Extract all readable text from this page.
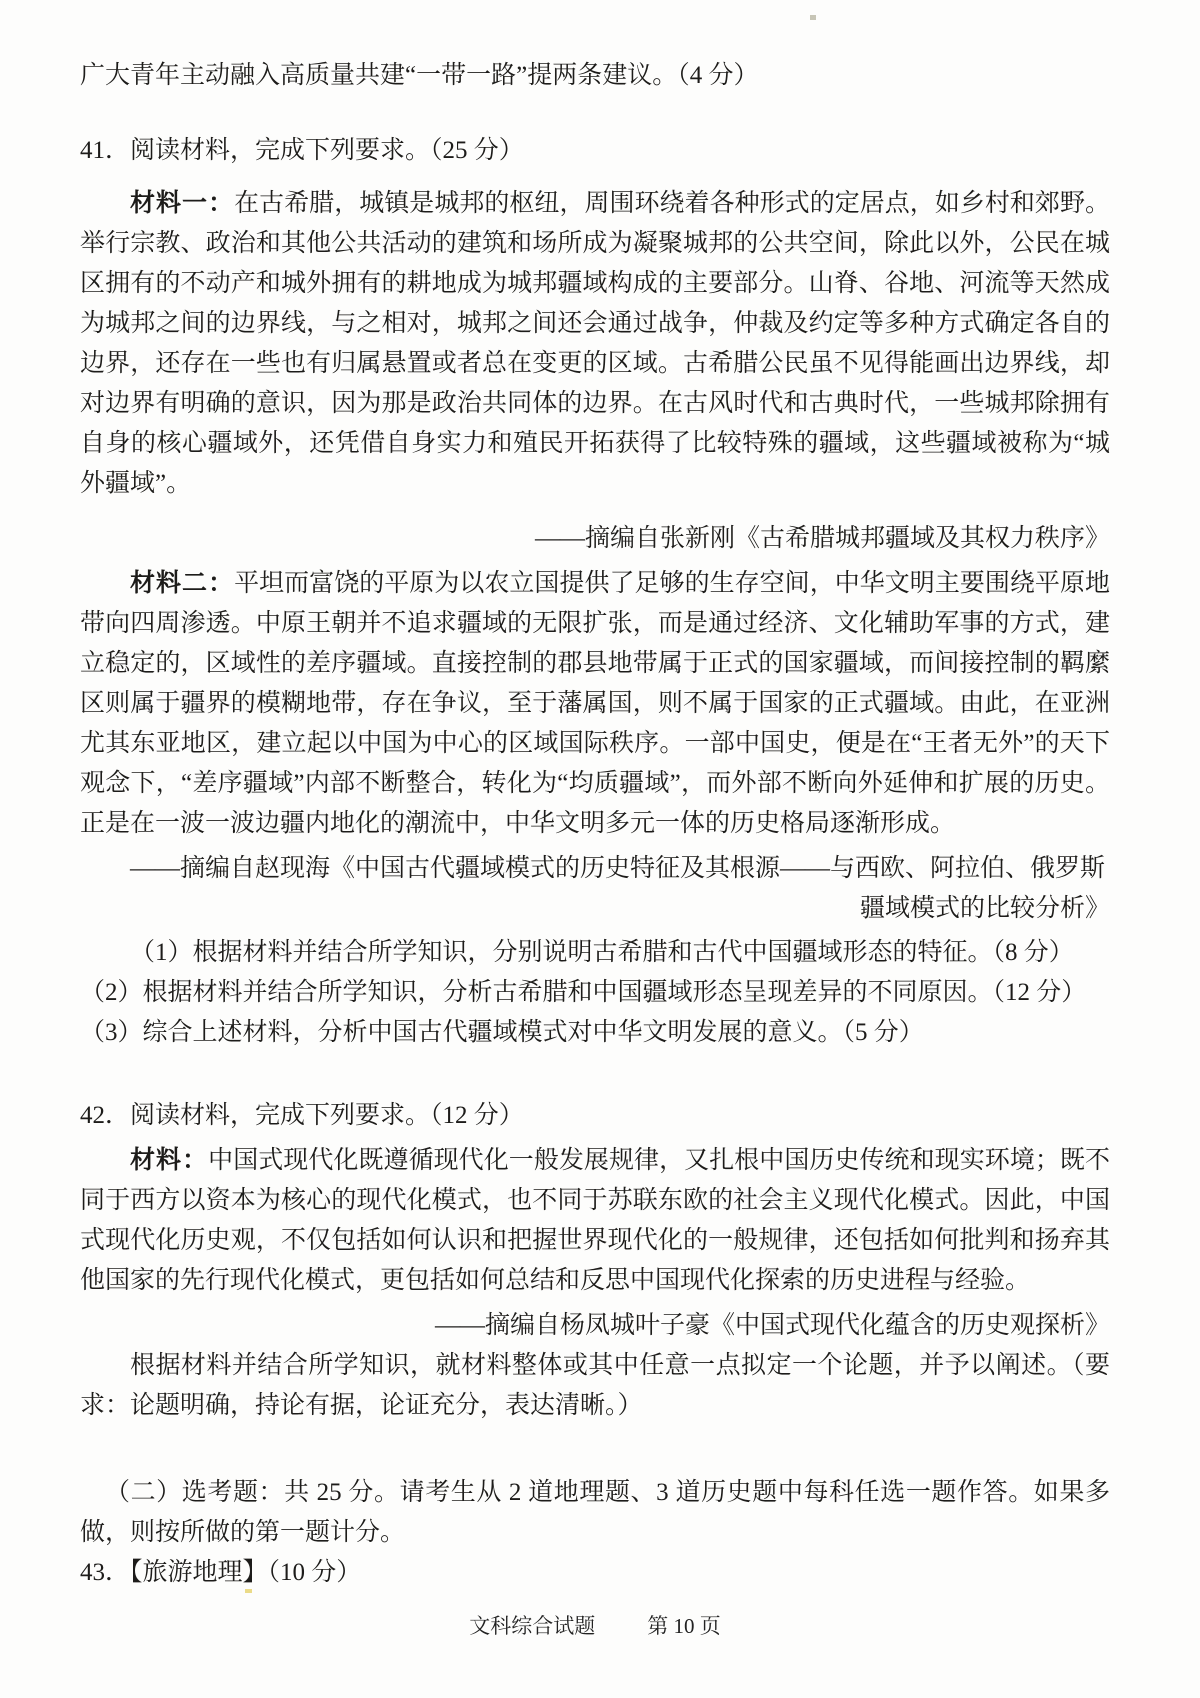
广大青年主动融入高质量共建“一带一路”提两条建议。（4 分）

41．阅读材料，完成下列要求。（25 分）

材料一：在古希腊，城镇是城邦的枢纽，周围环绕着各种形式的定居点，如乡村和郊野。举行宗教、政治和其他公共活动的建筑和场所成为凝聚城邦的公共空间，除此以外，公民在城区拥有的不动产和城外拥有的耕地成为城邦疆域构成的主要部分。山脊、谷地、河流等天然成为城邦之间的边界线，与之相对，城邦之间还会通过战争，仲裁及约定等多种方式确定各自的边界，还存在一些也有归属悬置或者总在变更的区域。古希腊公民虽不见得能画出边界线，却对边界有明确的意识，因为那是政治共同体的边界。在古风时代和古典时代，一些城邦除拥有自身的核心疆域外，还凭借自身实力和殖民开拓获得了比较特殊的疆域，这些疆域被称为“城外疆域”。

——摘编自张新刚《古希腊城邦疆域及其权力秩序》

材料二：平坦而富饶的平原为以农立国提供了足够的生存空间，中华文明主要围绕平原地带向四周渗透。中原王朝并不追求疆域的无限扩张，而是通过经济、文化辅助军事的方式，建立稳定的，区域性的差序疆域。直接控制的郡县地带属于正式的国家疆域，而间接控制的羁縻区则属于疆界的模糊地带，存在争议，至于藩属国，则不属于国家的正式疆域。由此，在亚洲尤其东亚地区，建立起以中国为中心的区域国际秩序。一部中国史，便是在“王者无外”的天下观念下，“差序疆域”内部不断整合，转化为“均质疆域”，而外部不断向外延伸和扩展的历史。正是在一波一波边疆内地化的潮流中，中华文明多元一体的历史格局逐渐形成。

——摘编自赵现海《中国古代疆域模式的历史特征及其根源——与西欧、阿拉伯、俄罗斯

疆域模式的比较分析》

（1）根据材料并结合所学知识，分别说明古希腊和古代中国疆域形态的特征。（8 分）

（2）根据材料并结合所学知识，分析古希腊和中国疆域形态呈现差异的不同原因。（12 分）

（3）综合上述材料，分析中国古代疆域模式对中华文明发展的意义。（5 分）

42．阅读材料，完成下列要求。（12 分）

材料：中国式现代化既遵循现代化一般发展规律，又扎根中国历史传统和现实环境；既不同于西方以资本为核心的现代化模式，也不同于苏联东欧的社会主义现代化模式。因此，中国式现代化历史观，不仅包括如何认识和把握世界现代化的一般规律，还包括如何批判和扬弃其他国家的先行现代化模式，更包括如何总结和反思中国现代化探索的历史进程与经验。

——摘编自杨凤城叶子豪《中国式现代化蕴含的历史观探析》

根据材料并结合所学知识，就材料整体或其中任意一点拟定一个论题，并予以阐述。（要求：论题明确，持论有据，论证充分，表达清晰。）

（二）选考题：共 25 分。请考生从 2 道地理题、3 道历史题中每科任选一题作答。如果多做，则按所做的第一题计分。

43．【旅游地理】（10 分）

文科综合试题 第 10 页
